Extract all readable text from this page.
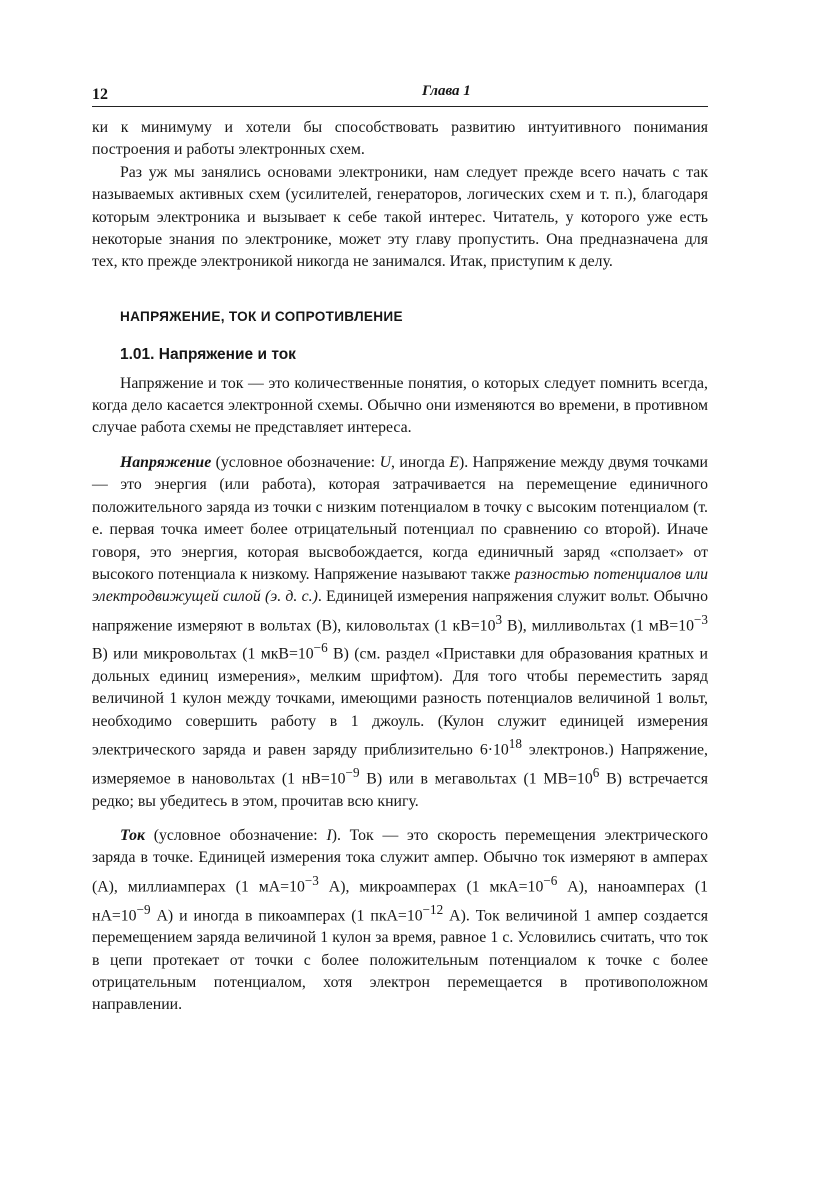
12	Глава 1

ки к минимуму и хотели бы способствовать развитию интуитивного понимания построения и работы электронных схем.

Раз уж мы занялись основами электроники, нам следует прежде всего начать с так называемых активных схем (усилителей, генераторов, логических схем и т. п.), благодаря которым электроника и вызывает к себе такой интерес. Читатель, у которого уже есть некоторые знания по электронике, может эту главу пропустить. Она предназначена для тех, кто прежде электроникой никогда не занимался. Итак, приступим к делу.

НАПРЯЖЕНИЕ, ТОК И СОПРОТИВЛЕНИЕ
1.01. Напряжение и ток

Напряжение и ток — это количественные понятия, о которых следует помнить всегда, когда дело касается электронной схемы. Обычно они изменяются во времени, в противном случае работа схемы не представляет интереса.

Напряжение (условное обозначение: U, иногда E). Напряжение между двумя точками — это энергия (или работа), которая затрачивается на перемещение единичного положительного заряда из точки с низким потенциалом в точку с высоким потенциалом (т. е. первая точка имеет более отрицательный потенциал по сравнению со второй). Иначе говоря, это энергия, которая высвобождается, когда единичный заряд «сползает» от высокого потенциала к низкому. Напряжение называют также разностью потенциалов или электродвижущей силой (э. д. с.). Единицей измерения напряжения служит вольт. Обычно напряжение измеряют в вольтах (В), киловольтах (1 $кВ=10^3$ В), милливольтах (1 $мВ=10^{-3}$ В) или микровольтах (1 $мкВ=10^{-6}$ В) (см. раздел «Приставки для образования кратных и дольных единиц измерения», мелким шрифтом). Для того чтобы переместить заряд величиной 1 кулон между точками, имеющими разность потенциалов величиной 1 вольт, необходимо совершить работу в 1 джоуль. (Кулон служит единицей измерения электрического заряда и равен заряду приблизительно $6\cdot 10^{18}$ электронов.) Напряжение, измеряемое в нановольтах (1 $нВ=10^{-9}$ В) или в мегавольтах (1 $МВ=10^6$ В) встречается редко; вы убедитесь в этом, прочитав всю книгу.

Ток (условное обозначение: I). Ток — это скорость перемещения электрического заряда в точке. Единицей измерения тока служит ампер. Обычно ток измеряют в амперах (А), миллиамперах (1 $мА=10^{-3}$ А), микроамперах (1 $мкА=10^{-6}$ А), наноамперах (1 $нА=10^{-9}$ А) и иногда в пикоамперах (1 $пкА=10^{-12}$ А). Ток величиной 1 ампер создается перемещением заряда величиной 1 кулон за время, равное 1 с. Условились считать, что ток в цепи протекает от точки с более положительным потенциалом к точке с более отрицательным потенциалом, хотя электрон перемещается в противоположном направлении.
